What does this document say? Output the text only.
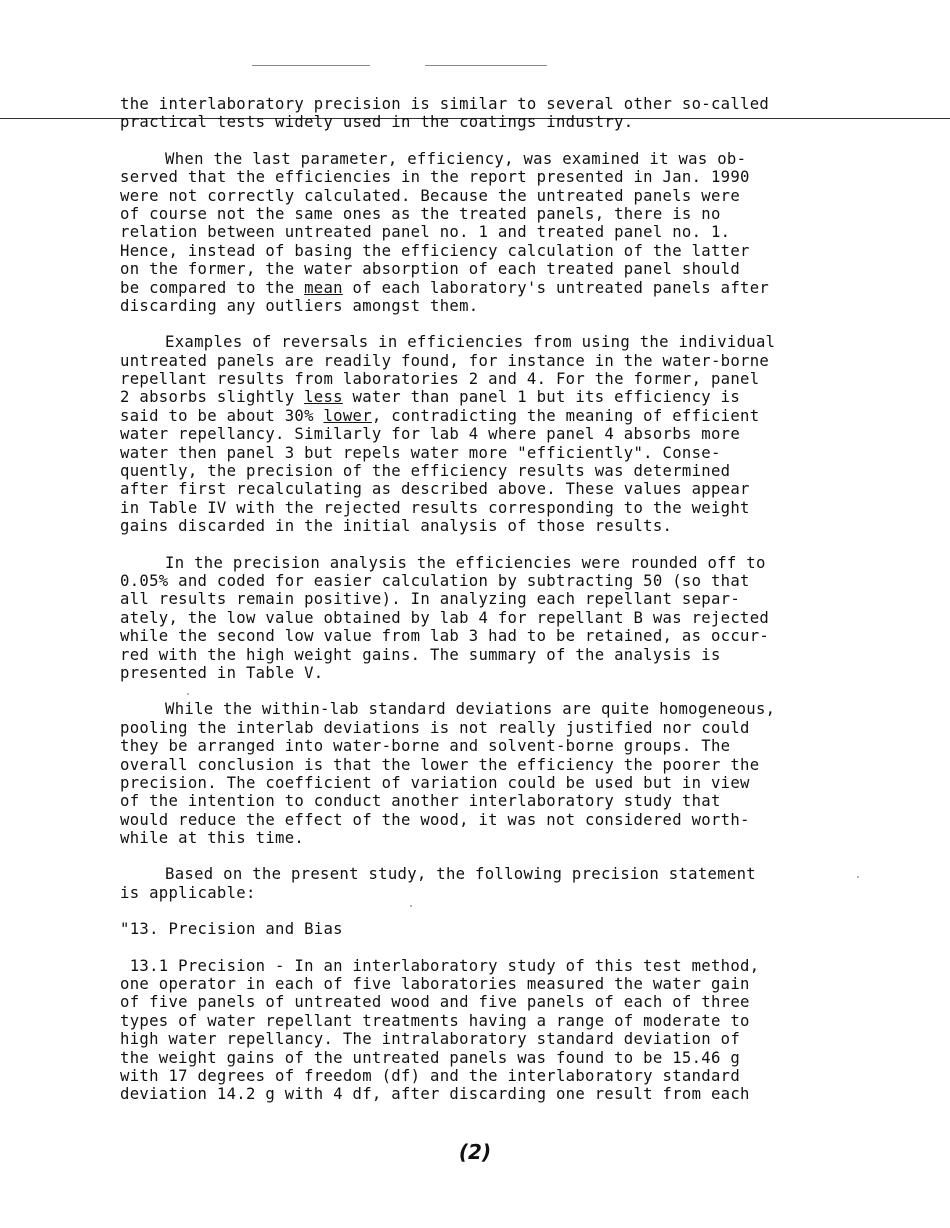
the interlaboratory precision is similar to several other so-called
practical tests widely used in the coatings industry.
When the last parameter, efficiency, was examined it was ob-
served that the efficiencies in the report presented in Jan. 1990
were not correctly calculated. Because the untreated panels were
of course not the same ones as the treated panels, there is no
relation between untreated panel no. 1 and treated panel no. 1.
Hence, instead of basing the efficiency calculation of the latter
on the former, the water absorption of each treated panel should
be compared to the mean of each laboratory's untreated panels after
discarding any outliers amongst them.
Examples of reversals in efficiencies from using the individual
untreated panels are readily found, for instance in the water-borne
repellant results from laboratories 2 and 4. For the former, panel
2 absorbs slightly less water than panel 1 but its efficiency is
said to be about 30% lower, contradicting the meaning of efficient
water repellancy. Similarly for lab 4 where panel 4 absorbs more
water then panel 3 but repels water more "efficiently". Conse-
quently, the precision of the efficiency results was determined
after first recalculating as described above. These values appear
in Table IV with the rejected results corresponding to the weight
gains discarded in the initial analysis of those results.
In the precision analysis the efficiencies were rounded off to
0.05% and coded for easier calculation by subtracting 50 (so that
all results remain positive). In analyzing each repellant separ-
ately, the low value obtained by lab 4 for repellant B was rejected
while the second low value from lab 3 had to be retained, as occur-
red with the high weight gains. The summary of the analysis is
presented in Table V.
While the within-lab standard deviations are quite homogeneous,
pooling the interlab deviations is not really justified nor could
they be arranged into water-borne and solvent-borne groups. The
overall conclusion is that the lower the efficiency the poorer the
precision. The coefficient of variation could be used but in view
of the intention to conduct another interlaboratory study that
would reduce the effect of the wood, it was not considered worth-
while at this time.
Based on the present study, the following precision statement
is applicable:
"13. Precision and Bias
13.1 Precision - In an interlaboratory study of this test method,
one operator in each of five laboratories measured the water gain
of five panels of untreated wood and five panels of each of three
types of water repellant treatments having a range of moderate to
high water repellancy. The intralaboratory standard deviation of
the weight gains of the untreated panels was found to be 15.46 g
with 17 degrees of freedom (df) and the interlaboratory standard
deviation 14.2 g with 4 df, after discarding one result from each
(2)
